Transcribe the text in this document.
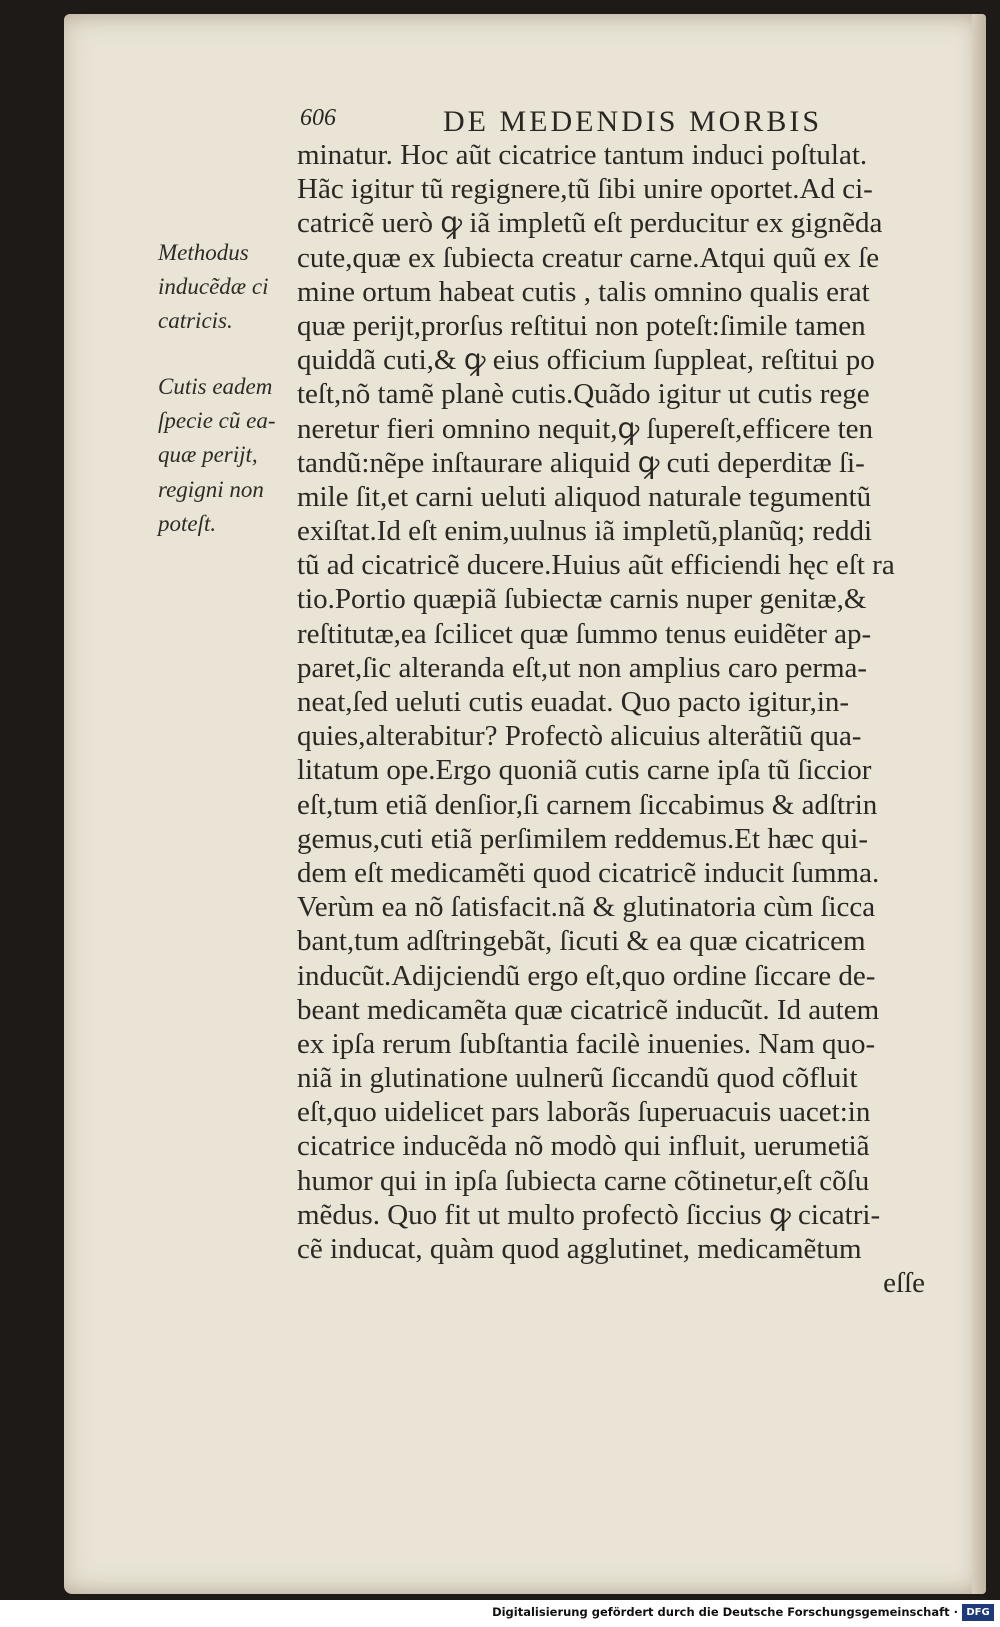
606	DE MEDENDIS MORBIS
Methodus
inducẽdæ ci
catricis.
Cutis eadem
ſpecie cũ ea-
quæ perijt,
regigni non
poteſt.
minatur. Hoc aũt cicatrice tantum induci poſtulat.
Hãc igitur tũ regignere,tũ ſibi unire oportet.Ad ci-
catricẽ uerò ꝙ iã impletũ eſt perducitur ex gignẽda
cute,quæ ex ſubiecta creatur carne.Atqui quũ ex ſe
mine ortum habeat cutis , talis omnino qualis erat
quæ perijt,prorſus reſtitui non poteſt:ſimile tamen
quiddã cuti,& ꝙ eius officium ſuppleat, reſtitui po
teſt,nõ tamẽ planè cutis.Quãdo igitur ut cutis rege
neretur fieri omnino nequit,ꝙ ſupereſt,efficere ten
tandũ:nẽpe inſtaurare aliquid ꝙ cuti deperditæ ſi-
mile ſit,et carni ueluti aliquod naturale tegumentũ
exiſtat.Id eſt enim,uulnus iã impletũ,planũq; reddi
tũ ad cicatricẽ ducere.Huius aũt efficiendi hęc eſt ra
tio.Portio quæpiã ſubiectæ carnis nuper genitæ,&
reſtitutæ,ea ſcilicet quæ ſummo tenus euidẽter ap-
paret,ſic alteranda eſt,ut non amplius caro perma-
neat,ſed ueluti cutis euadat. Quo pacto igitur,in-
quies,alterabitur? Profectò alicuius alterãtiũ qua-
litatum ope.Ergo quoniã cutis carne ipſa tũ ſiccior
eſt,tum etiã denſior,ſi carnem ſiccabimus & adſtrin
gemus,cuti etiã perſimilem reddemus.Et hæc qui-
dem eſt medicamẽti quod cicatricẽ inducit ſumma.
Verùm ea nõ ſatisfacit.nã & glutinatoria cùm ſicca
bant,tum adſtringebãt, ſicuti & ea quæ cicatricem
inducũt.Adijciendũ ergo eſt,quo ordine ſiccare de-
beant medicamẽta quæ cicatricẽ inducũt. Id autem
ex ipſa rerum ſubſtantia facilè inuenies. Nam quo-
niã in glutinatione uulnerũ ſiccandũ quod cõfluit
eſt,quo uidelicet pars laborãs ſuperuacuis uacet:in
cicatrice inducẽda nõ modò qui influit, uerumetiã
humor qui in ipſa ſubiecta carne cõtinetur,eſt cõſu
mẽdus. Quo fit ut multo profectò ſiccius ꝙ cicatri-
cẽ inducat, quàm quod agglutinet, medicamẽtum
eſſe
Digitalisierung gefördert durch die Deutsche Forschungsgemeinschaft · DFG
